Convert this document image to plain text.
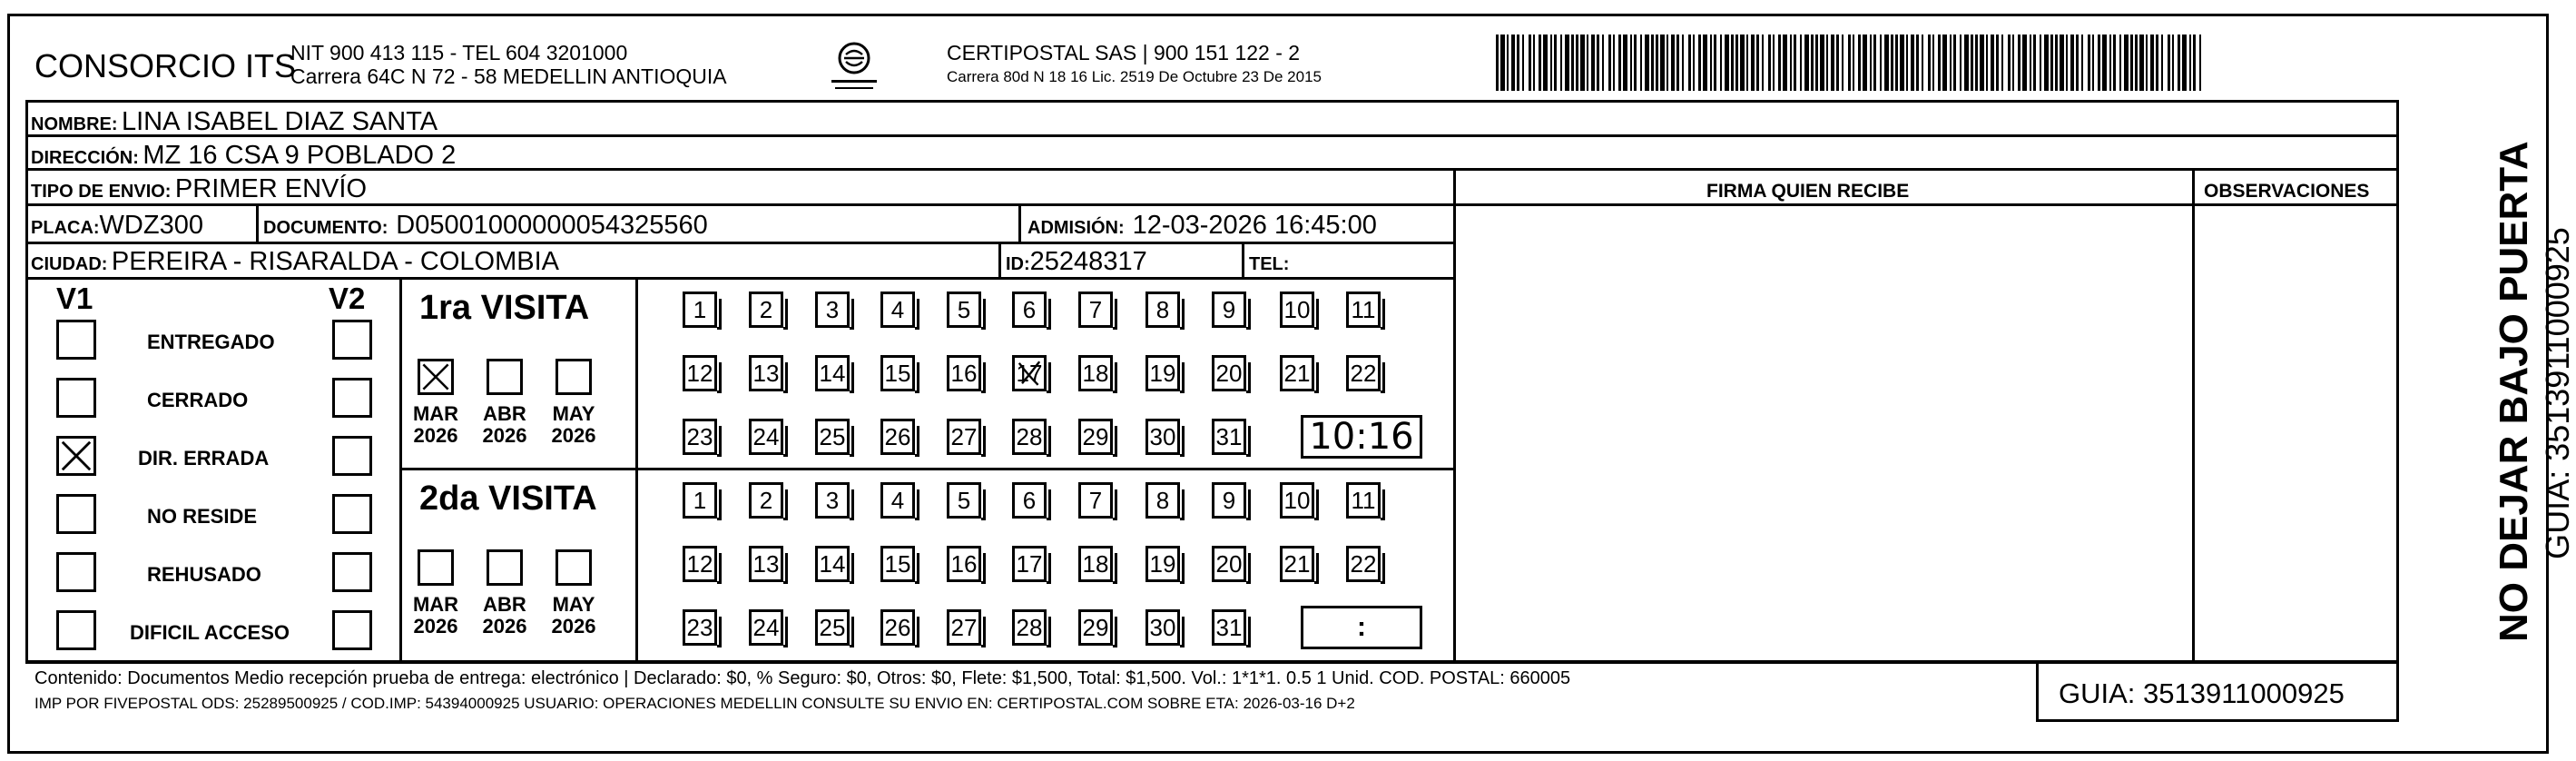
CONSORCIO ITS
NIT 900 413 115 - TEL 604 3201000
Carrera 64C N 72 - 58 MEDELLIN ANTIOQUIA
CERTIPOSTAL SAS | 900 151 122 - 2
Carrera 80d N 18 16 Lic. 2519 De Octubre 23 De 2015
NOMBRE: LINA ISABEL DIAZ SANTA
DIRECCIÓN: MZ 16 CSA 9 POBLADO 2
TIPO DE ENVIO: PRIMER ENVÍO	FIRMA QUIEN RECIBE	OBSERVACIONES
PLACA:WDZ300	DOCUMENTO: D05001000000054325560	ADMISIÓN: 12-03-2026 16:45:00
CIUDAD: PEREIRA - RISARALDA - COLOMBIA	ID:25248317	TEL:
V1	V2
ENTREGADO
CERRADO
DIR. ERRADA
NO RESIDE
REHUSADO
DIFICIL ACCESO
1ra VISITA
MAR
2026
ABR
2026
MAY
2026
1 2 3 4 5 6 7 8 9 10 11
12 13 14 15 16 17 18 19 20 21 22
23 24 25 26 27 28 29 30 31 10:16
2da VISITA
MAR
2026
ABR
2026
MAY
2026
1 2 3 4 5 6 7 8 9 10 11
12 13 14 15 16 17 18 19 20 21 22
23 24 25 26 27 28 29 30 31	:
Contenido: Documentos Medio recepción prueba de entrega: electrónico | Declarado: $0, % Seguro: $0, Otros: $0, Flete: $1,500, Total: $1,500. Vol.: 1*1*1. 0.5 1 Unid. COD. POSTAL: 660005
IMP POR FIVEPOSTAL ODS: 25289500925 / COD.IMP: 54394000925 USUARIO: OPERACIONES MEDELLIN CONSULTE SU ENVIO EN: CERTIPOSTAL.COM SOBRE ETA: 2026-03-16 D+2	GUIA: 3513911000925
NO DEJAR BAJO PUERTA GUIA: 3513911000925
